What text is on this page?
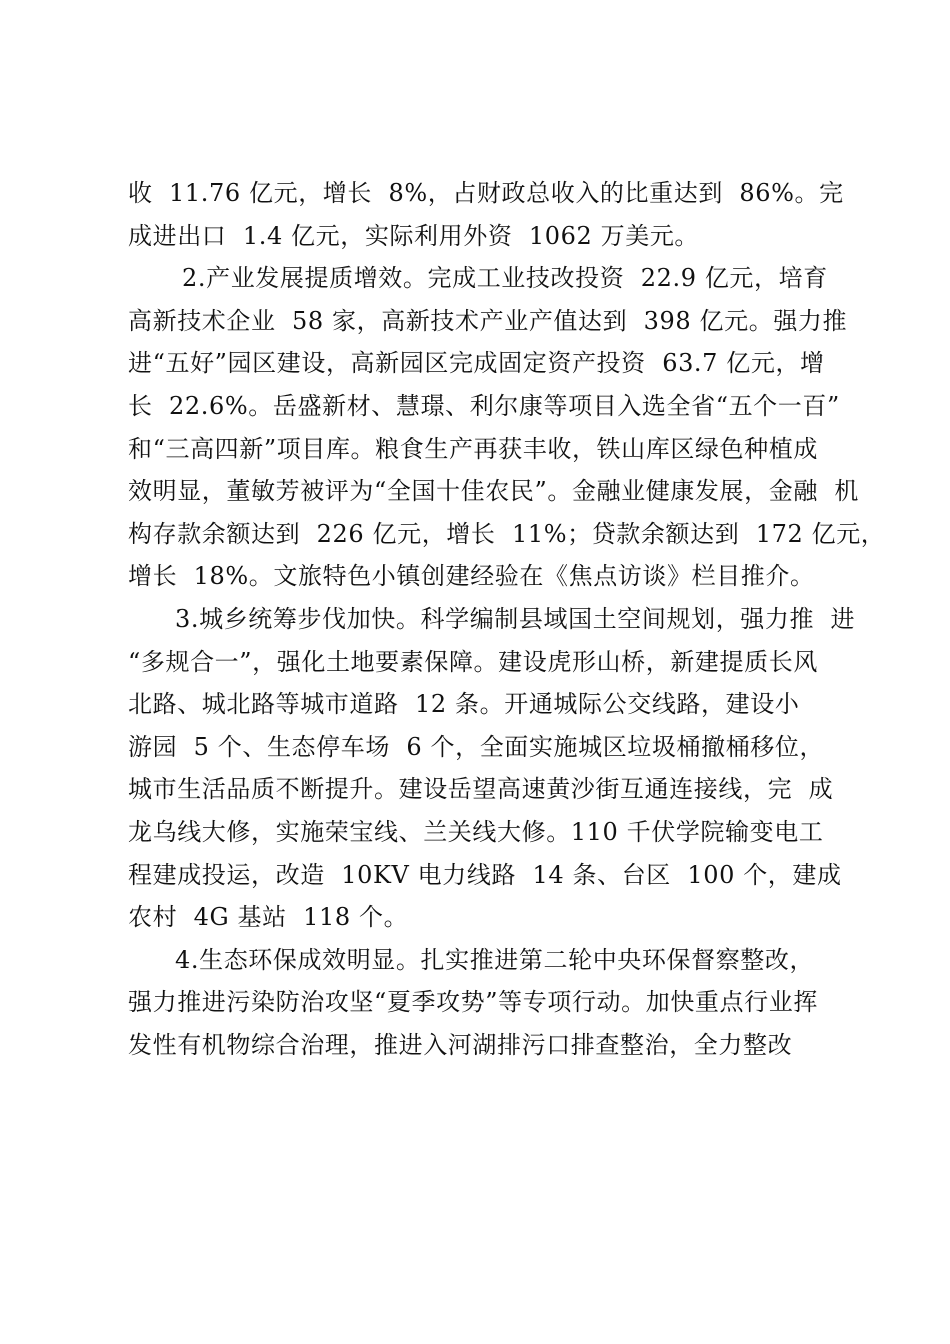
收  11.76 亿元，增长  8%，占财政总收入的比重达到  86%。完
成进出口  1.4 亿元，实际利用外资  1062 万美元。
2.产业发展提质增效。完成工业技改投资  22.9 亿元，培育
高新技术企业  58 家，高新技术产业产值达到  398 亿元。强力推
进“五好”园区建设，高新园区完成固定资产投资  63.7 亿元，增
长  22.6%。岳盛新材、慧璟、利尔康等项目入选全省“五个一百”
和“三高四新”项目库。粮食生产再获丰收，铁山库区绿色种植成
效明显，董敏芳被评为“全国十佳农民”。金融业健康发展，金融  机
构存款余额达到  226 亿元，增长  11%；贷款余额达到  172 亿元，
增长  18%。文旅特色小镇创建经验在《焦点访谈》栏目推介。
3.城乡统筹步伐加快。科学编制县域国土空间规划，强力推  进
“多规合一”，强化土地要素保障。建设虎形山桥，新建提质长风
北路、城北路等城市道路  12 条。开通城际公交线路，建设小
游园  5 个、生态停车场  6 个，全面实施城区垃圾桶撤桶移位，
城市生活品质不断提升。建设岳望高速黄沙街互通连接线，完  成
龙乌线大修，实施荣宝线、兰关线大修。110 千伏学院输变电工
程建成投运，改造  10KV 电力线路  14 条、台区  100 个，建成
农村  4G 基站  118 个。
4.生态环保成效明显。扎实推进第二轮中央环保督察整改，
强力推进污染防治攻坚“夏季攻势”等专项行动。加快重点行业挥
发性有机物综合治理，推进入河湖排污口排查整治，全力整改
